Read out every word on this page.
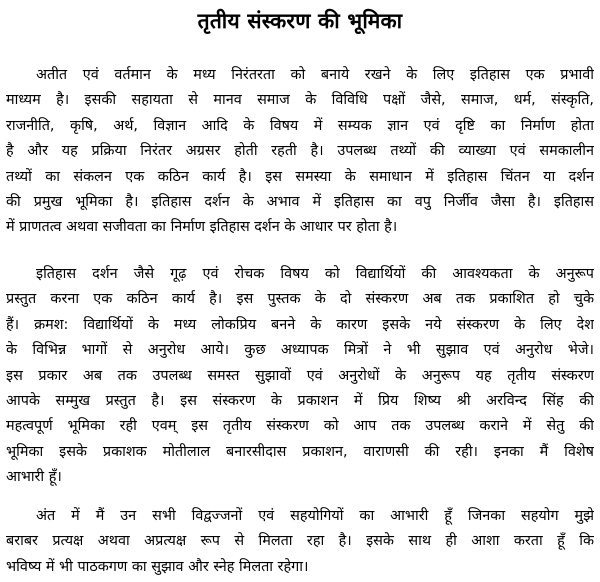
तृतीय संस्करण की भूमिका
अतीत एवं वर्तमान के मध्य निरंतरता को बनाये रखने के लिए इतिहास एक प्रभावी
माध्यम है। इसकी सहायता से मानव समाज के विविधि पक्षों जैसे, समाज, धर्म, संस्कृति,
राजनीति, कृषि, अर्थ, विज्ञान आदि के विषय में सम्यक ज्ञान एवं दृष्टि का निर्माण होता
है और यह प्रक्रिया निरंतर अग्रसर होती रहती है। उपलब्ध तथ्यों की व्याख्या एवं समकालीन
तथ्यों का संकलन एक कठिन कार्य है। इस समस्या के समाधान में इतिहास चिंतन या दर्शन
की प्रमुख भूमिका है। इतिहास दर्शन के अभाव में इतिहास का वपु निर्जीव जैसा है। इतिहास
में प्राणतत्व अथवा सजीवता का निर्माण इतिहास दर्शन के आधार पर होता है।
इतिहास दर्शन जैसे गूढ़ एवं रोचक विषय को विद्यार्थियों की आवश्यकता के अनुरूप
प्रस्तुत करना एक कठिन कार्य है। इस पुस्तक के दो संस्करण अब तक प्रकाशित हो चुके
हैं। क्रमश: विद्यार्थियों के मध्य लोकप्रिय बनने के कारण इसके नये संस्करण के लिए देश
के विभिन्न भागों से अनुरोध आये। कुछ अध्यापक मित्रों ने भी सुझाव एवं अनुरोध भेजे।
इस प्रकार अब तक उपलब्ध समस्त सुझावों एवं अनुरोधों के अनुरूप यह तृतीय संस्करण
आपके सम्मुख प्रस्तुत है। इस संस्करण के प्रकाशन में प्रिय शिष्य श्री अरविन्द सिंह की
महत्वपूर्ण भूमिका रही एवम् इस तृतीय संस्करण को आप तक उपलब्ध कराने में सेतु की
भूमिका इसके प्रकाशक मोतीलाल बनारसीदास प्रकाशन, वाराणसी की रही। इनका मैं विशेष
आभारी हूँ।
अंत में मैं उन सभी विद्वज्जनों एवं सहयोगियों का आभारी हूँ जिनका सहयोग मुझे
बराबर प्रत्यक्ष अथवा अप्रत्यक्ष रूप से मिलता रहा है। इसके साथ ही आशा करता हूँ कि
भविष्य में भी पाठकगण का सुझाव और स्नेह मिलता रहेगा।
